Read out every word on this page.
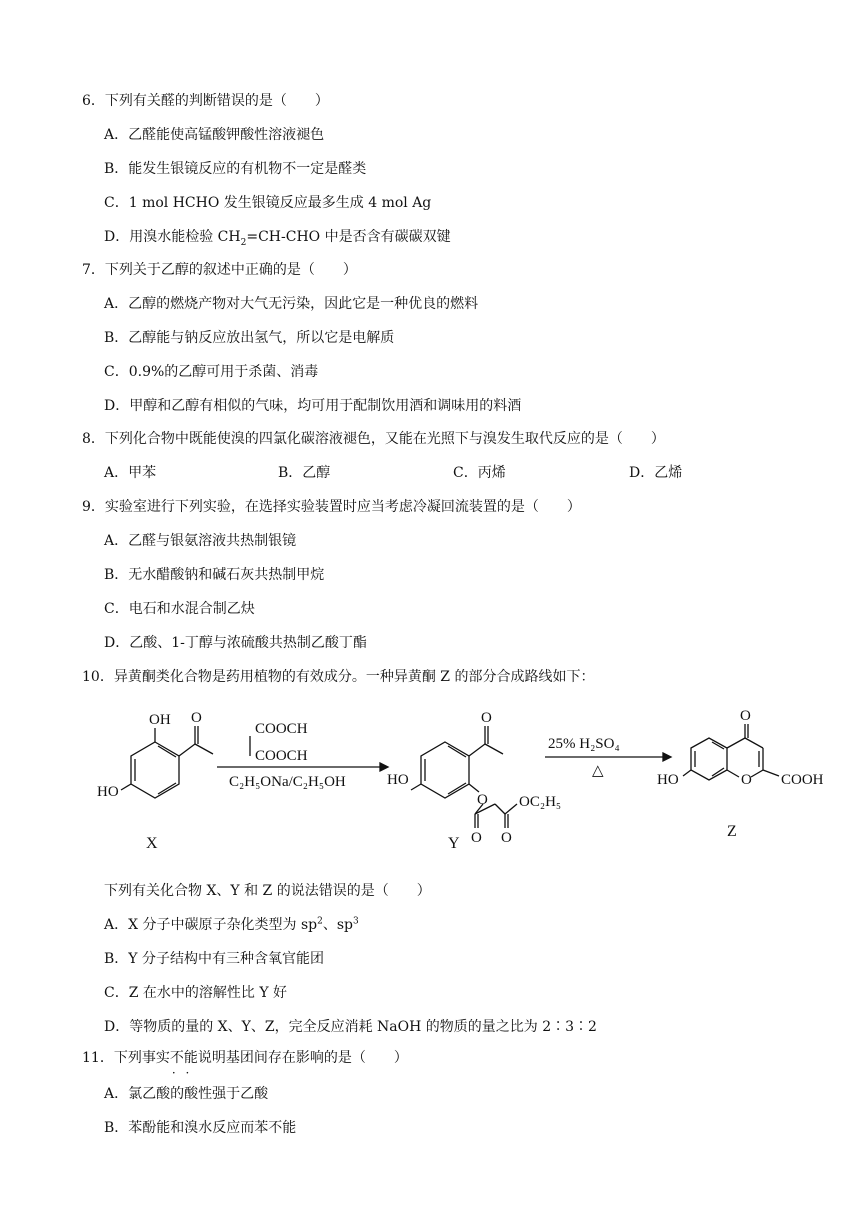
6．下列有关醛的判断错误的是（　　）
A．乙醛能使高锰酸钾酸性溶液褪色
B．能发生银镜反应的有机物不一定是醛类
C．1 mol HCHO 发生银镜反应最多生成 4 mol Ag
D．用溴水能检验 $CH_2=CH$-CHO 中是否含有碳碳双键
7．下列关于乙醇的叙述中正确的是（　　）
A．乙醇的燃烧产物对大气无污染，因此它是一种优良的燃料
B．乙醇能与钠反应放出氢气，所以它是电解质
C．0.9%的乙醇可用于杀菌、消毒
D．甲醇和乙醇有相似的气味，均可用于配制饮用酒和调味用的料酒
8．下列化合物中既能使溴的四氯化碳溶液褪色，又能在光照下与溴发生取代反应的是（　　）
A．甲苯	B．乙醇	C．丙烯	D．乙烯
9．实验室进行下列实验，在选择实验装置时应当考虑冷凝回流装置的是（　　）
A．乙醛与银氨溶液共热制银镜
B．无水醋酸钠和碱石灰共热制甲烷
C．电石和水混合制乙炔
D．乙酸、1-丁醇与浓硫酸共热制乙酸丁酯
10．异黄酮类化合物是药用植物的有效成分。一种异黄酮 Z 的部分合成路线如下：
OH O
HO
COOCH
COOCH
C₂H₅ONa/C₂H₅OH
O
O
O O
OC₂H₅
HO
25% H₂SO₄
△
O
O COOH
HO
X	Y
Z
下列有关化合物 X、Y 和 Z 的说法错误的是（　　）
A．X 分子中碳原子杂化类型为 $sp^2$、$sp^3$
B．Y 分子结构中有三种含氧官能团
C．Z 在水中的溶解性比 Y 好
D．等物质的量的 X、Y、Z，完全反应消耗 NaOH 的物质的量之比为 2∶3∶2
11．下列事实不能 · ·说明基团间存在影响的是（　　）
A．氯乙酸的酸性强于乙酸
B．苯酚能和溴水反应而苯不能
